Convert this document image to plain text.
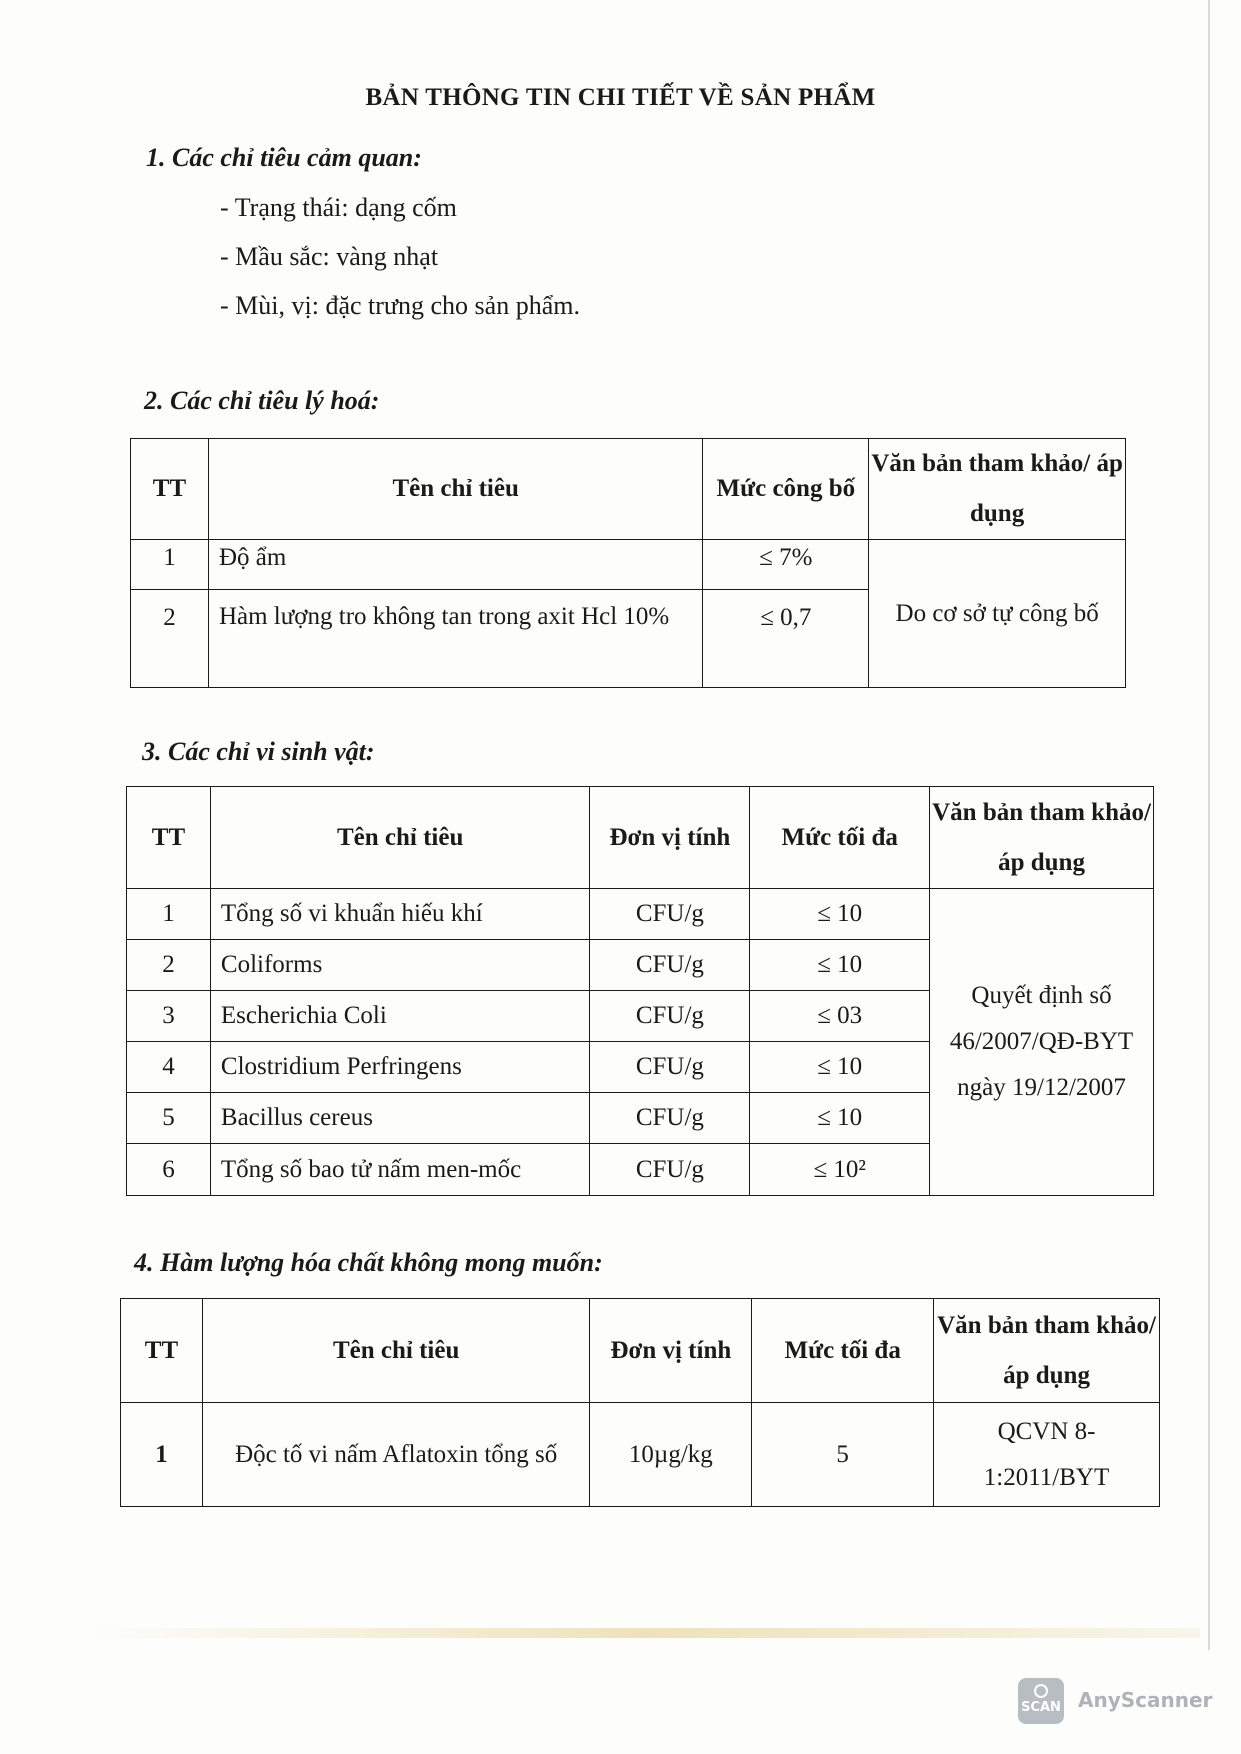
BẢN THÔNG TIN CHI TIẾT VỀ SẢN PHẨM
1. Các chỉ tiêu cảm quan:
- Trạng thái: dạng cốm
- Mầu sắc: vàng nhạt
- Mùi, vị: đặc trưng cho sản phẩm.
2. Các chỉ tiêu lý hoá:
TT	Tên chỉ tiêu	Mức công bố	Văn bản tham khảo/ áp dụng
1	Độ ẩm	≤ 7%	Do cơ sở tự công bố
2	Hàm lượng tro không tan trong axit Hcl 10%	≤ 0,7	
3. Các chỉ vi sinh vật:
TT	Tên chỉ tiêu	Đơn vị tính	Mức tối đa	Văn bản tham khảo/ áp dụng
1	Tổng số vi khuẩn hiếu khí	CFU/g	≤ 10	Quyết định số 46/2007/QĐ-BYT ngày 19/12/2007
2	Coliforms	CFU/g	≤ 10	
3	Escherichia Coli	CFU/g	≤ 03	
4	Clostridium Perfringens	CFU/g	≤ 10	
5	Bacillus cereus	CFU/g	≤ 10	
6	Tổng số bao tử nấm men-mốc	CFU/g	≤ 10²	
4. Hàm lượng hóa chất không mong muốn:
TT	Tên chỉ tiêu	Đơn vị tính	Mức tối đa	Văn bản tham khảo/ áp dụng
1	Độc tố vi nấm Aflatoxin tổng số	10µg/kg	5	QCVN 8-1:2011/BYT
SCAN AnyScanner
